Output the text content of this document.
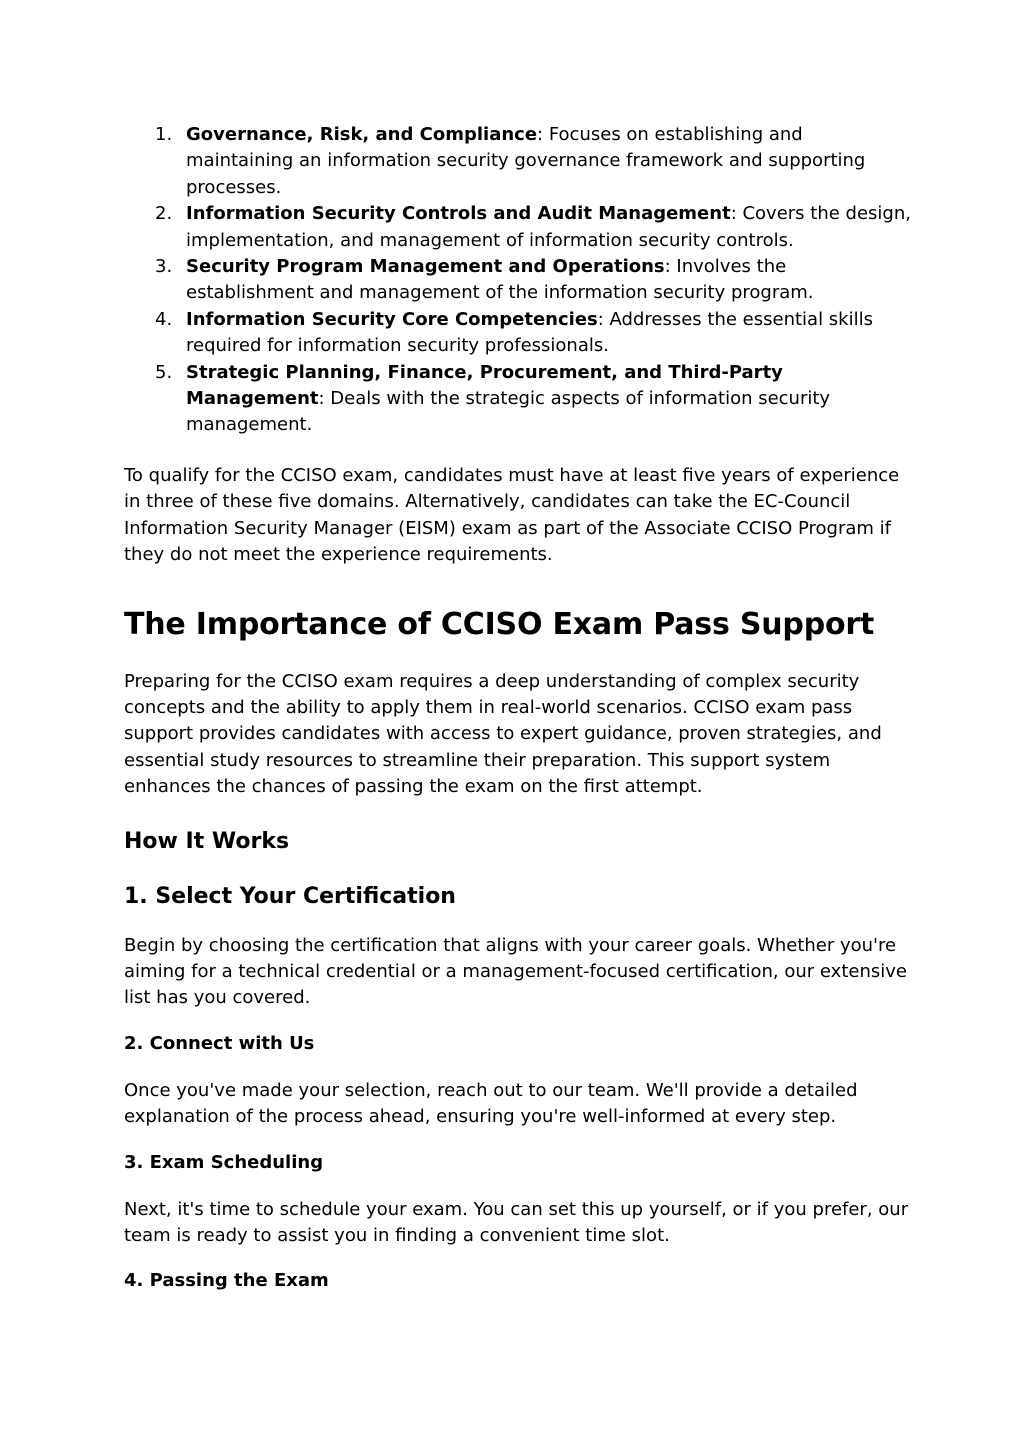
1. Governance, Risk, and Compliance: Focuses on establishing and maintaining an information security governance framework and supporting processes.
2. Information Security Controls and Audit Management: Covers the design, implementation, and management of information security controls.
3. Security Program Management and Operations: Involves the establishment and management of the information security program.
4. Information Security Core Competencies: Addresses the essential skills required for information security professionals.
5. Strategic Planning, Finance, Procurement, and Third-Party Management: Deals with the strategic aspects of information security management.

To qualify for the CCISO exam, candidates must have at least five years of experience in three of these five domains. Alternatively, candidates can take the EC-Council Information Security Manager (EISM) exam as part of the Associate CCISO Program if they do not meet the experience requirements.

The Importance of CCISO Exam Pass Support

Preparing for the CCISO exam requires a deep understanding of complex security concepts and the ability to apply them in real-world scenarios. CCISO exam pass support provides candidates with access to expert guidance, proven strategies, and essential study resources to streamline their preparation. This support system enhances the chances of passing the exam on the first attempt.

How It Works
1. Select Your Certification

Begin by choosing the certification that aligns with your career goals. Whether you're aiming for a technical credential or a management-focused certification, our extensive list has you covered.

2. Connect with Us

Once you've made your selection, reach out to our team. We'll provide a detailed explanation of the process ahead, ensuring you're well-informed at every step.

3. Exam Scheduling

Next, it's time to schedule your exam. You can set this up yourself, or if you prefer, our team is ready to assist you in finding a convenient time slot.

4. Passing the Exam
